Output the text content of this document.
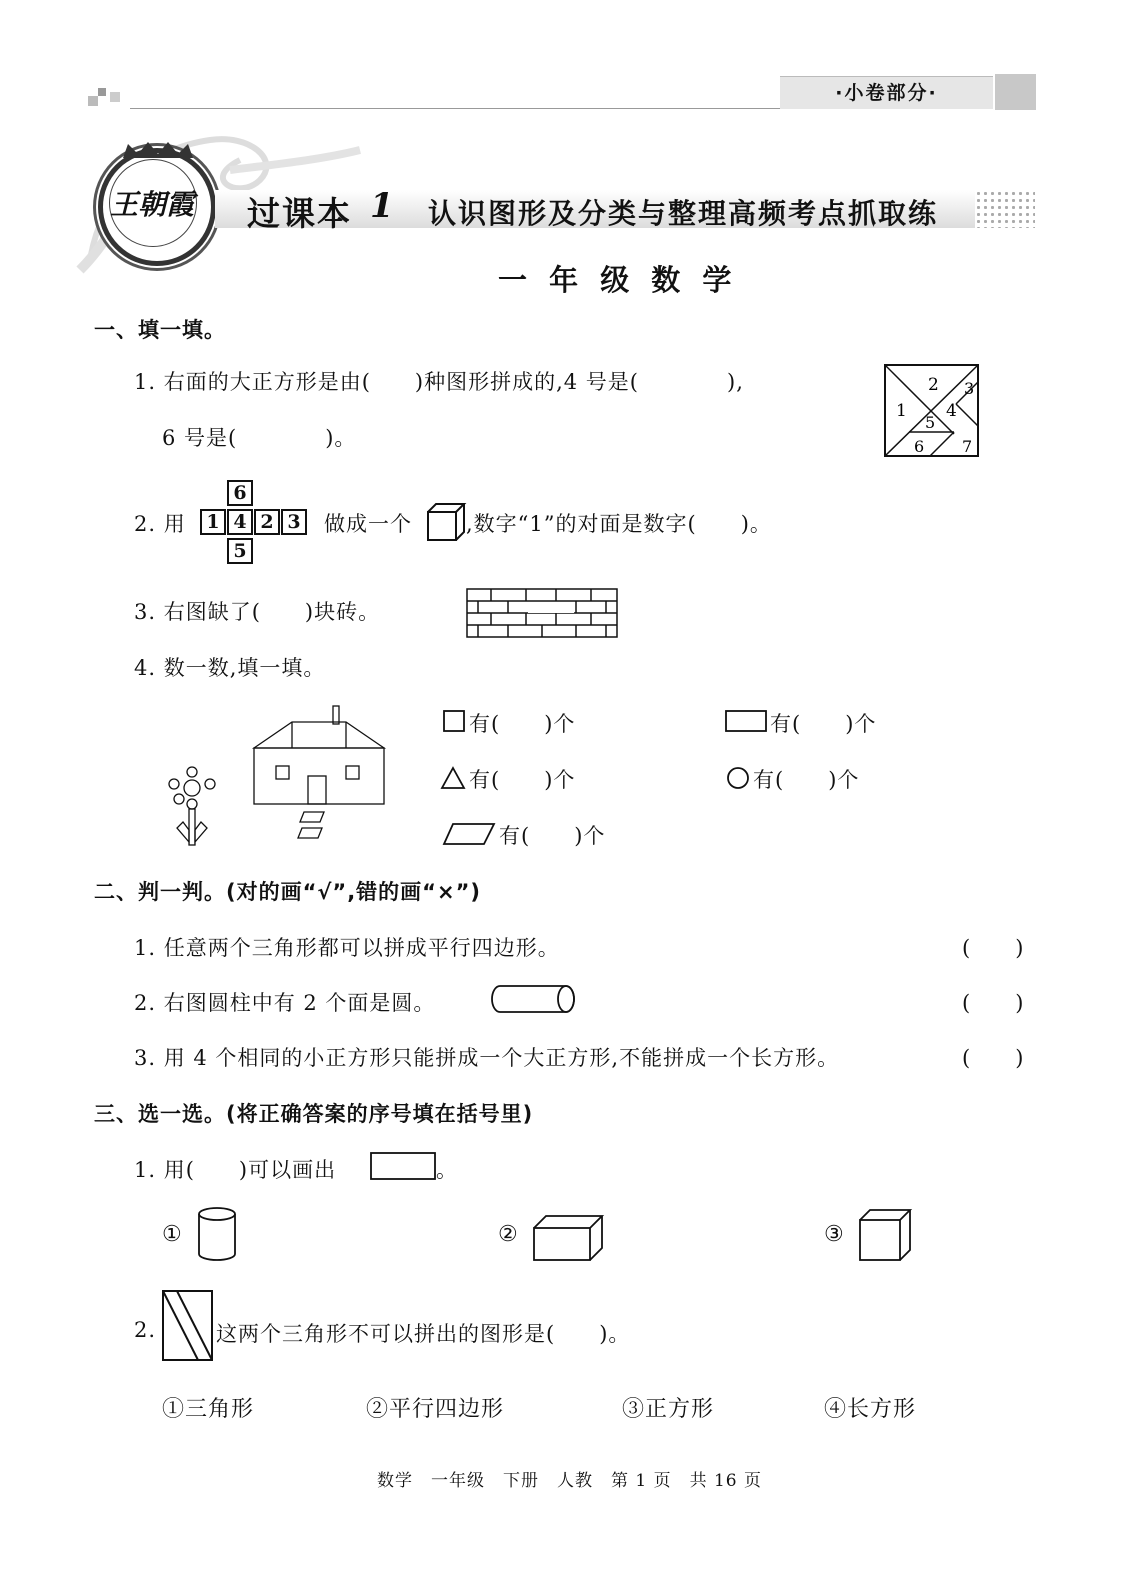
·小卷部分·
王朝霞 过课本 1 认识图形及分类与整理高频考点抓取练
一 年 级 数 学
一、填一填。
1. 右面的大正方形是由(　　)种图形拼成的,4 号是(　　　　),
6 号是(　　　　)。
2 3
1 4
5
6 7
2. 用
6
1 4 2 3
5
做成一个	,数字“1”的对面是数字(　　)。
3. 右图缺了(　　)块砖。
4. 数一数,填一填。
有(　　)个	有(　　)个
有(　　)个	有(　　)个
有(　　)个
二、判一判。(对的画“√”,错的画“×”)
1. 任意两个三角形都可以拼成平行四边形。	(　　)
2. 右图圆柱中有 2 个面是圆。	(　　)
3. 用 4 个相同的小正方形只能拼成一个大正方形,不能拼成一个长方形。	(　　)
三、选一选。(将正确答案的序号填在括号里)
1. 用(　　)可以画出	。
①	②	③
2.	这两个三角形不可以拼出的图形是(　　)。
①三角形	②平行四边形	③正方形	④长方形
数学　一年级　下册　人教　第 1 页　共 16 页
